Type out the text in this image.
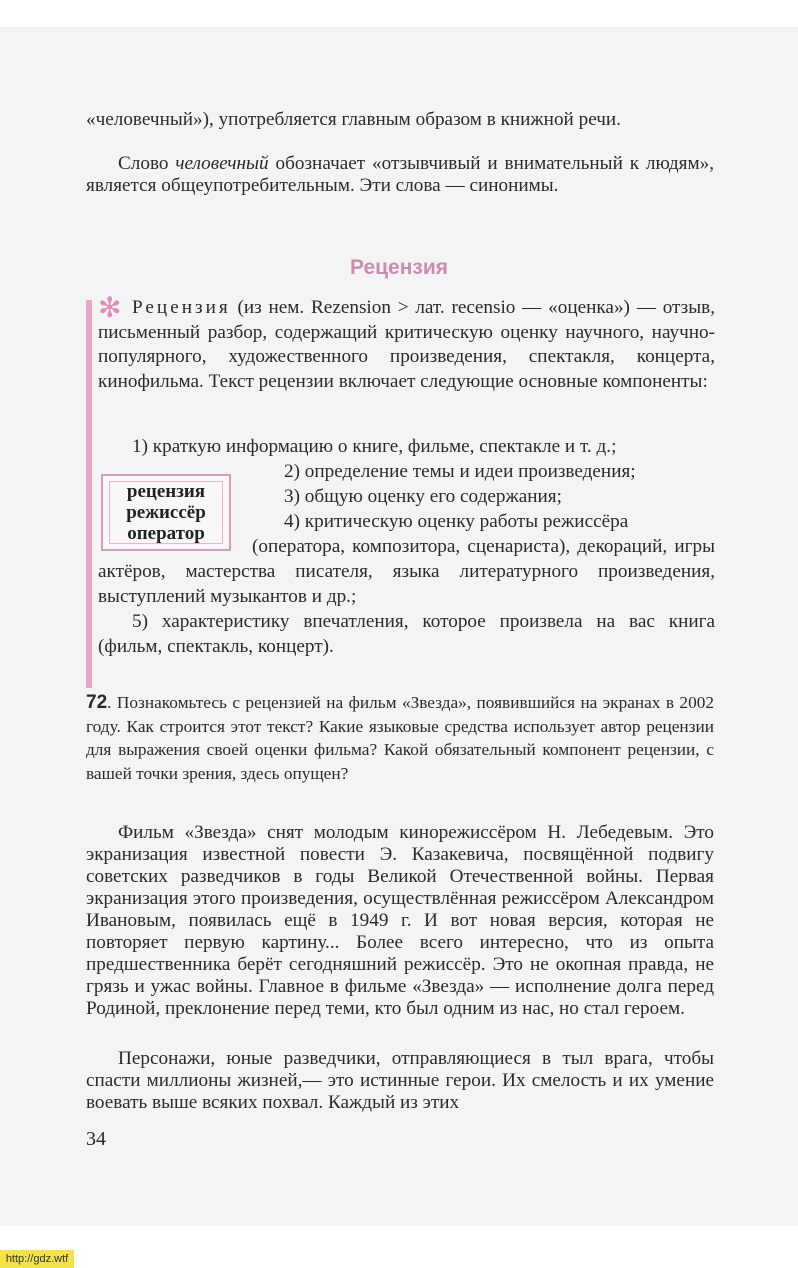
«человечный»), употребляется главным образом в книжной речи.

Слово человечный обозначает «отзывчивый и внимательный к людям», является общеупотребительным. Эти слова — синонимы.

Рецензия
✻ Рецензия (из нем. Rezension > лат. recensio — «оценка») — отзыв, письменный разбор, содержащий критическую оценку научного, научно-популярного, художественного произведения, спектакля, концерта, кинофильма. Текст рецензии включает следующие основные компоненты:

1) краткую информацию о книге, фильме, спектакле и т. д.;

2) определение темы и идеи произведения;

3) общую оценку его содержания;

4) критическую оценку работы режиссёра

(оператора, композитора, сценариста), декораций, игры актёров, мастерства писателя, языка литературного произведения, выступлений музыкантов и др.;

5) характеристику впечатления, которое произвела на вас книга (фильм, спектакль, концерт).

рецензия
режиссёр
оператор

72. Познакомьтесь с рецензией на фильм «Звезда», появившийся на экранах в 2002 году. Как строится этот текст? Какие языковые средства использует автор рецензии для выражения своей оценки фильма? Какой обязательный компонент рецензии, с вашей точки зрения, здесь опущен?

Фильм «Звезда» снят молодым кинорежиссёром Н. Лебедевым. Это экранизация известной повести Э. Казакевича, посвящённой подвигу советских разведчиков в годы Великой Отечественной войны. Первая экранизация этого произведения, осуществлённая режиссёром Александром Ивановым, появилась ещё в 1949 г. И вот новая версия, которая не повторяет первую картину... Более всего интересно, что из опыта предшественника берёт сегодняшний режиссёр. Это не окопная правда, не грязь и ужас войны. Главное в фильме «Звезда» — исполнение долга перед Родиной, преклонение перед теми, кто был одним из нас, но стал героем.

Персонажи, юные разведчики, отправляющиеся в тыл врага, чтобы спасти миллионы жизней,— это истинные герои. Их смелость и их умение воевать выше всяких похвал. Каждый из этих

34
http://gdz.wtf
